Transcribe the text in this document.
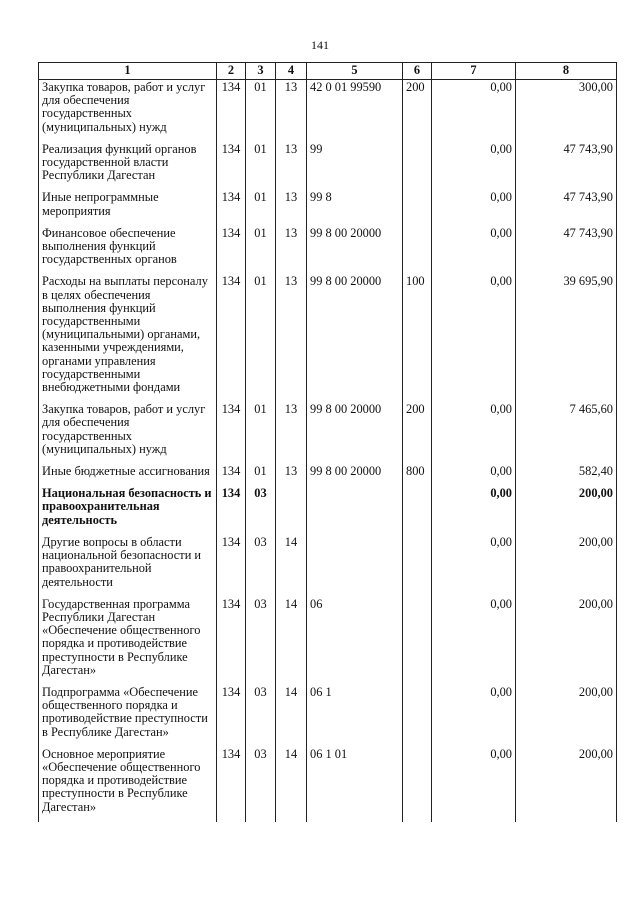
141
1	2	3	4	5	6	7	8
Закупка товаров, работ и услуг для обеспечения государственных (муниципальных) нужд	134	01	13	42 0 01 99590	200	0,00	300,00
Реализация функций органов государственной власти Республики Дагестан	134	01	13	99		0,00	47 743,90
Иные непрограммные мероприятия	134	01	13	99 8		0,00	47 743,90
Финансовое обеспечение выполнения функций государственных органов	134	01	13	99 8 00 20000		0,00	47 743,90
Расходы на выплаты персоналу в целях обеспечения выполнения функций государственными (муниципальными) органами, казенными учреждениями, органами управления государственными внебюджетными фондами	134	01	13	99 8 00 20000	100	0,00	39 695,90
Закупка товаров, работ и услуг для обеспечения государственных (муниципальных) нужд	134	01	13	99 8 00 20000	200	0,00	7 465,60
Иные бюджетные ассигнования	134	01	13	99 8 00 20000	800	0,00	582,40
Национальная безопасность и правоохранительная деятельность	134	03				0,00	200,00
Другие вопросы в области национальной безопасности и правоохранительной деятельности	134	03	14			0,00	200,00
Государственная программа Республики Дагестан «Обеспечение общественного порядка и противодействие преступности в Республике Дагестан»	134	03	14	06		0,00	200,00
Подпрограмма «Обеспечение общественного порядка и противодействие преступности в Республике Дагестан»	134	03	14	06 1		0,00	200,00
Основное мероприятие «Обеспечение общественного порядка и противодействие преступности в Республике Дагестан»	134	03	14	06 1 01		0,00	200,00
